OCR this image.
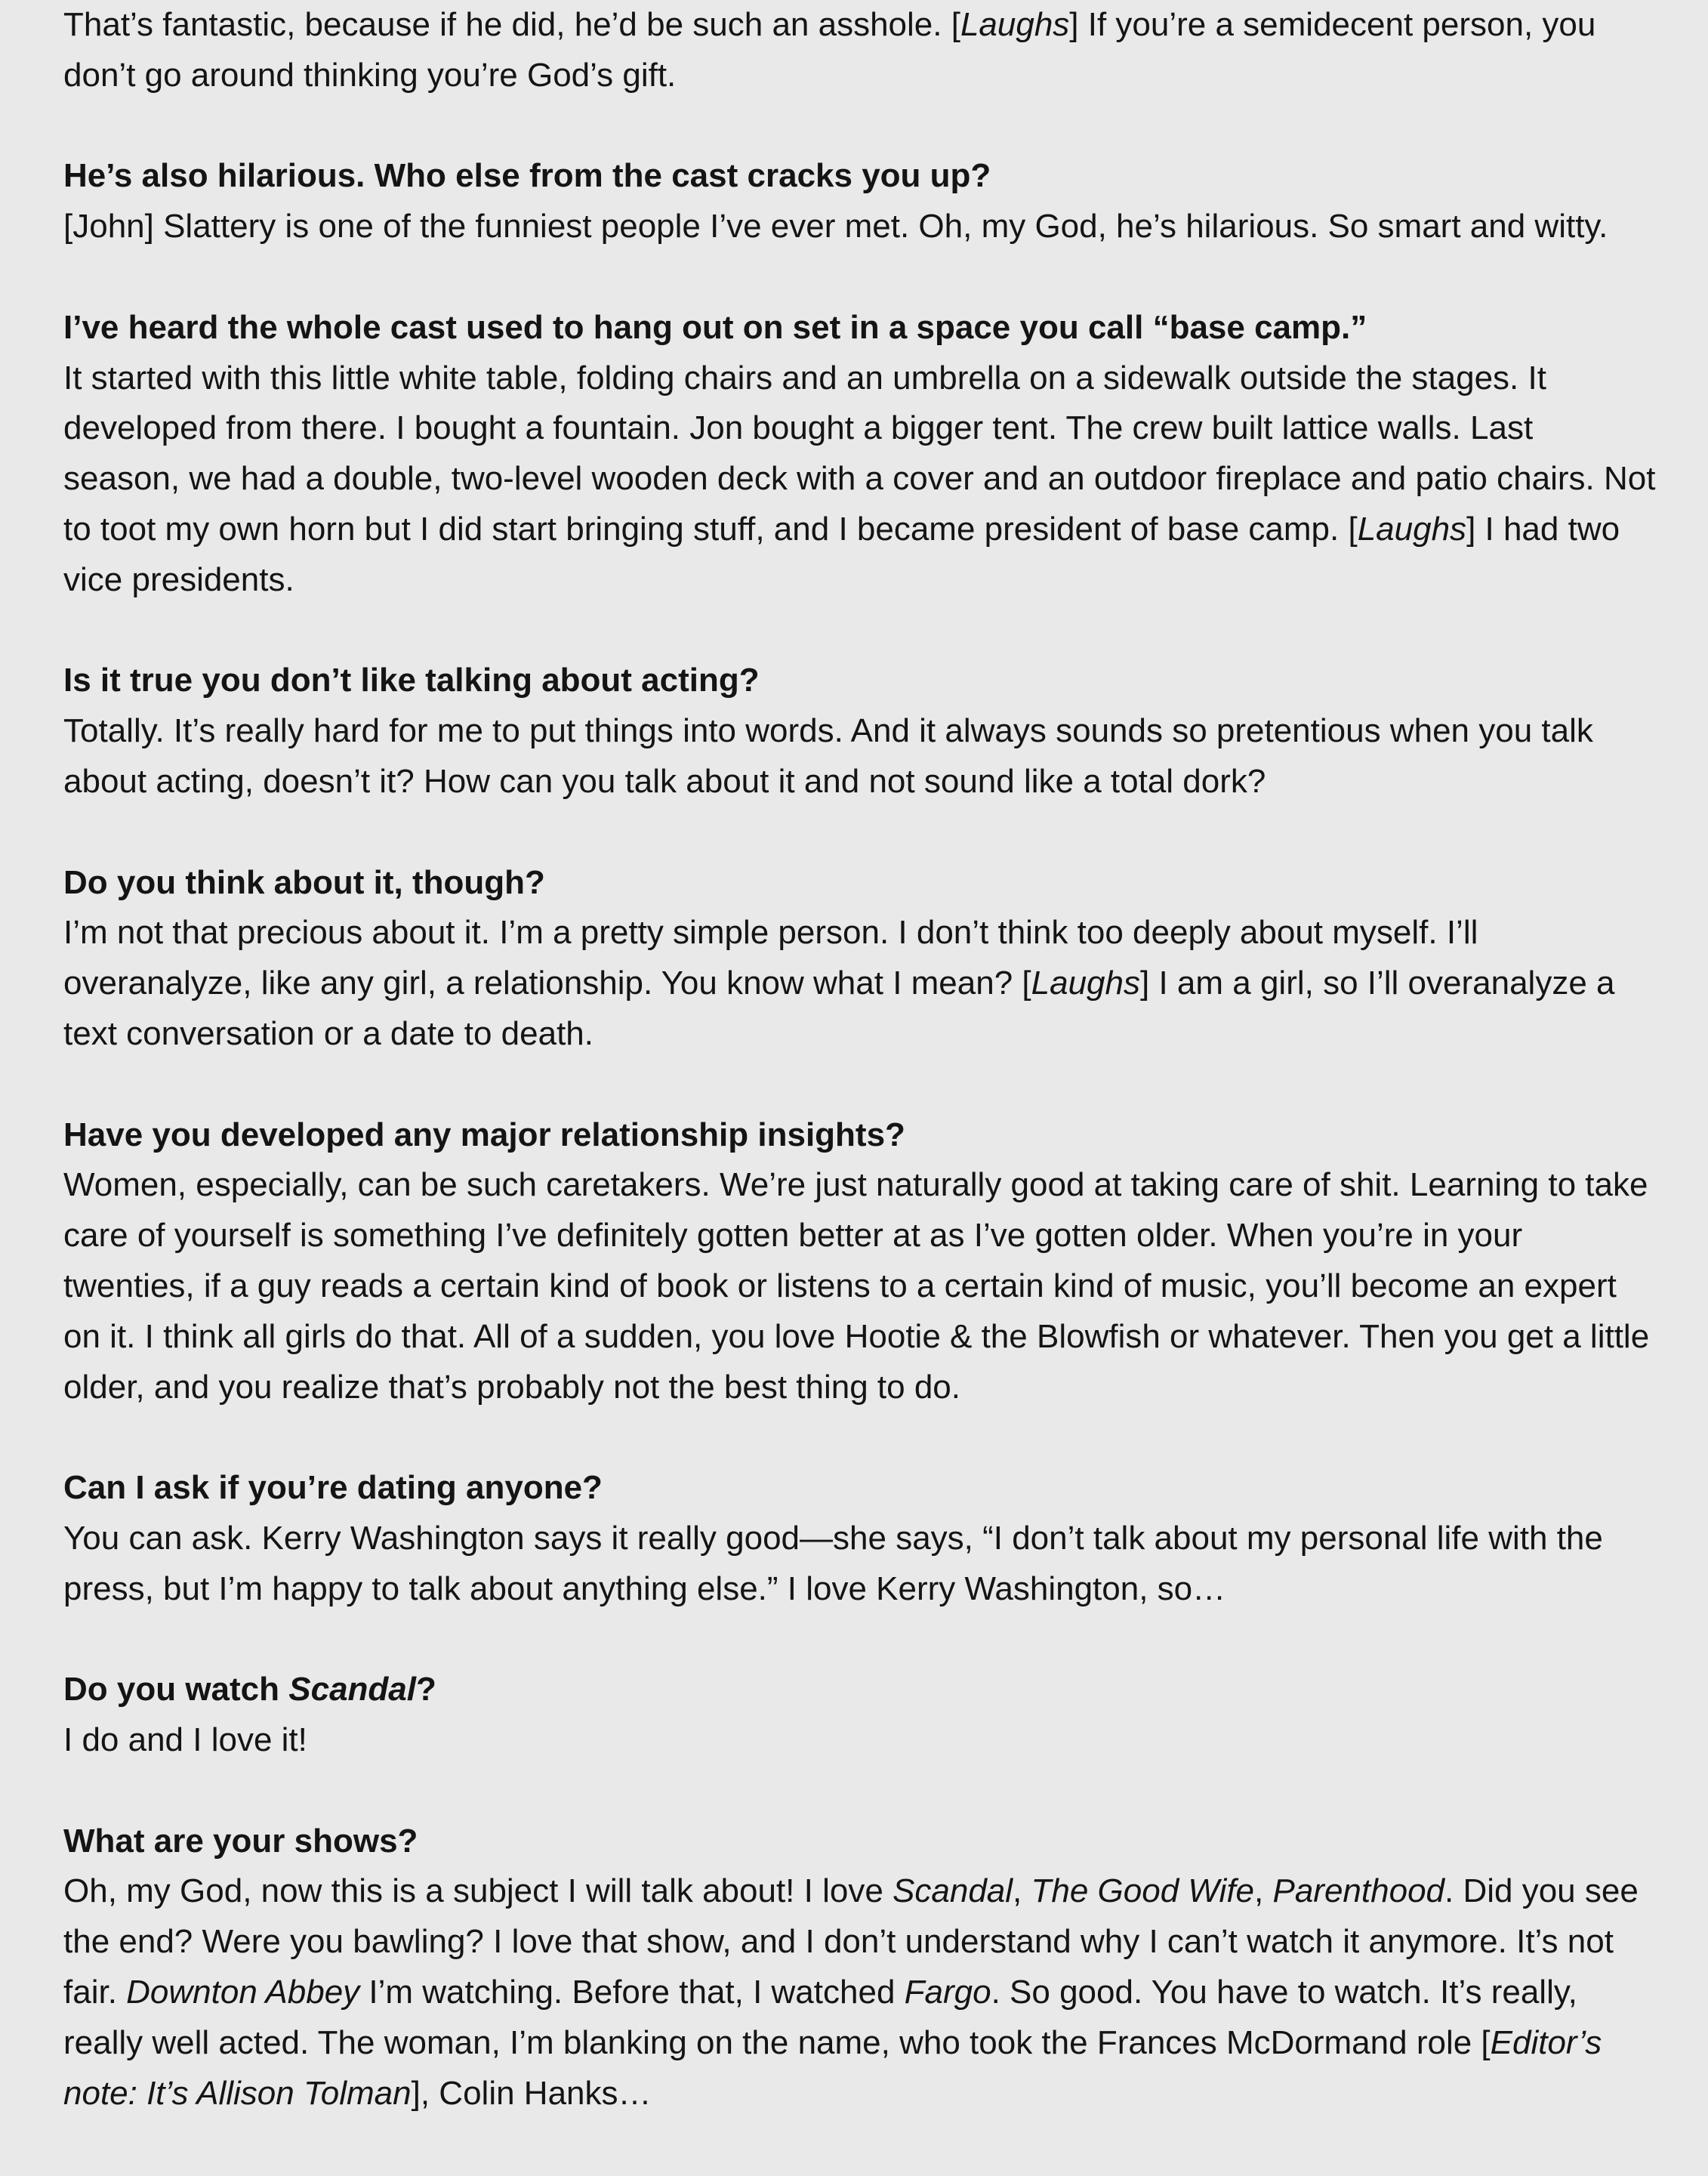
That’s fantastic, because if he did, he’d be such an asshole. [Laughs] If you’re a semidecent person, you don’t go around thinking you’re God’s gift.

He’s also hilarious. Who else from the cast cracks you up?

[John] Slattery is one of the funniest people I’ve ever met. Oh, my God, he’s hilarious. So smart and witty.

I’ve heard the whole cast used to hang out on set in a space you call “base camp.”

It started with this little white table, folding chairs and an umbrella on a sidewalk outside the stages. It developed from there. I bought a fountain. Jon bought a bigger tent. The crew built lattice walls. Last season, we had a double, two-level wooden deck with a cover and an outdoor fireplace and patio chairs. Not to toot my own horn but I did start bringing stuff, and I became president of base camp. [Laughs] I had two vice presidents.

Is it true you don’t like talking about acting?

Totally. It’s really hard for me to put things into words. And it always sounds so pretentious when you talk about acting, doesn’t it? How can you talk about it and not sound like a total dork?

Do you think about it, though?

I’m not that precious about it. I’m a pretty simple person. I don’t think too deeply about myself. I’ll overanalyze, like any girl, a relationship. You know what I mean? [Laughs] I am a girl, so I’ll overanalyze a text conversation or a date to death.

Have you developed any major relationship insights?

Women, especially, can be such caretakers. We’re just naturally good at taking care of shit. Learning to take care of yourself is something I’ve definitely gotten better at as I’ve gotten older. When you’re in your twenties, if a guy reads a certain kind of book or listens to a certain kind of music, you’ll become an expert on it. I think all girls do that. All of a sudden, you love Hootie & the Blowfish or whatever. Then you get a little older, and you realize that’s probably not the best thing to do.

Can I ask if you’re dating anyone?

You can ask. Kerry Washington says it really good—she says, “I don’t talk about my personal life with the press, but I’m happy to talk about anything else.” I love Kerry Washington, so…

Do you watch Scandal?

I do and I love it!

What are your shows?

Oh, my God, now this is a subject I will talk about! I love Scandal, The Good Wife, Parenthood. Did you see the end? Were you bawling? I love that show, and I don’t understand why I can’t watch it anymore. It’s not fair. Downton Abbey I’m watching. Before that, I watched Fargo. So good. You have to watch. It’s really, really well acted. The woman, I’m blanking on the name, who took the Frances McDormand role [Editor’s note: It’s Allison Tolman], Colin Hanks…
